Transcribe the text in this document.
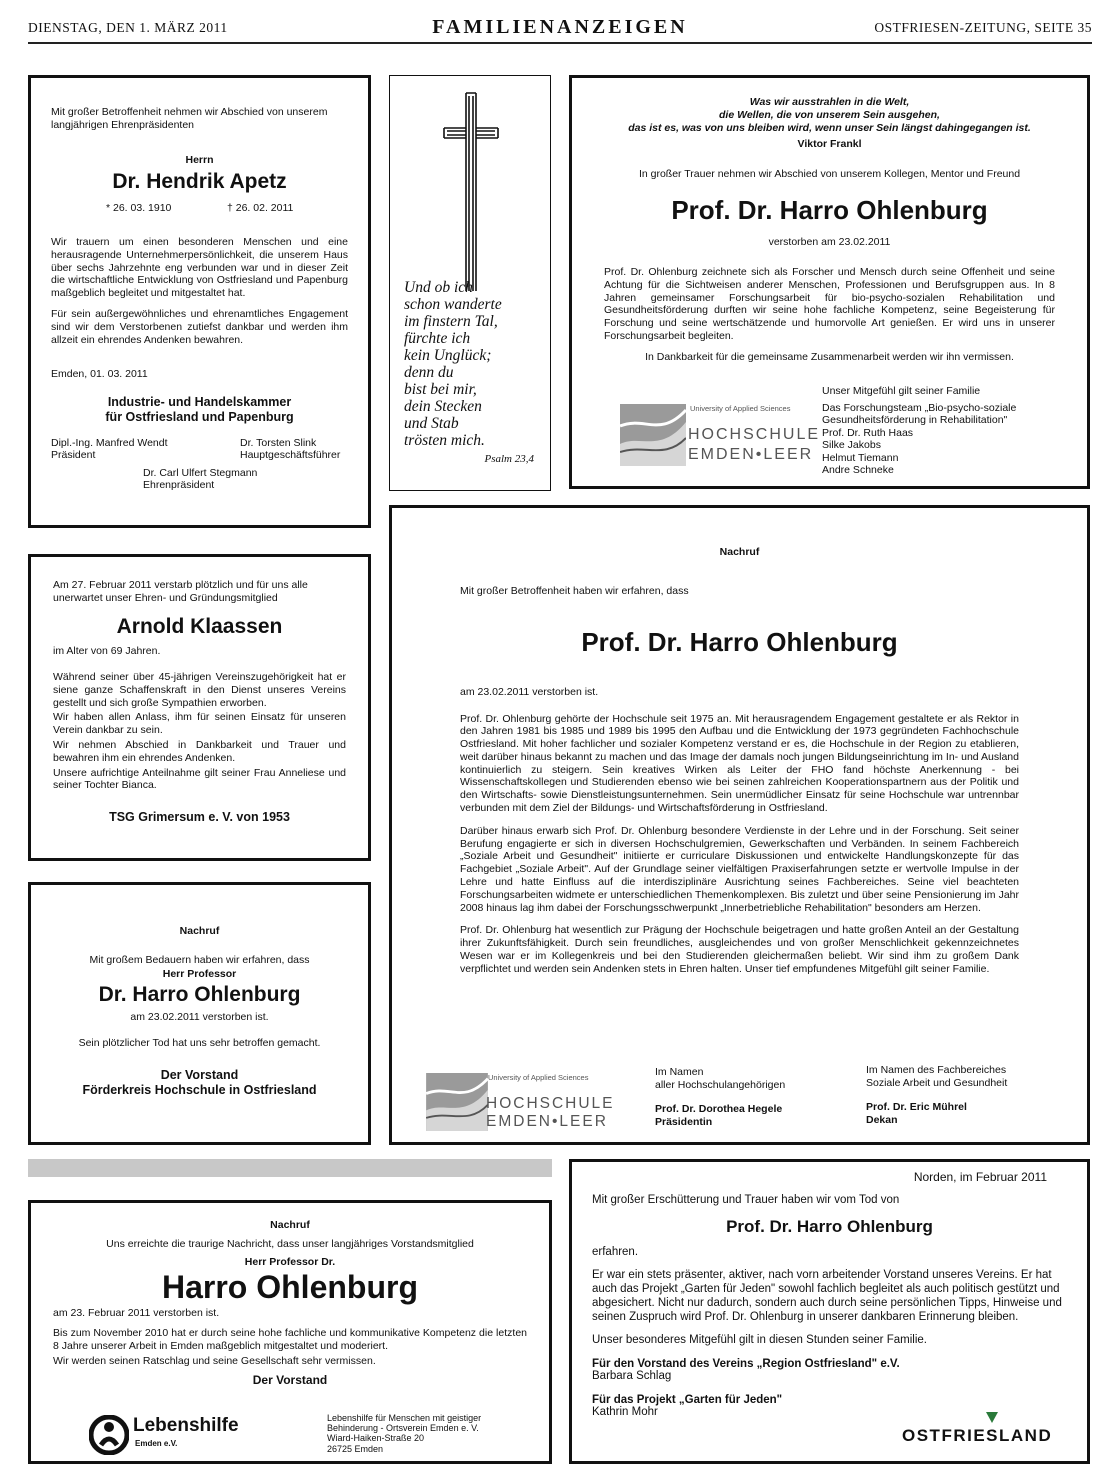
DIENSTAG, DEN 1. MÄRZ 2011	FAMILIENANZEIGEN	OSTFRIESEN-ZEITUNG, SEITE 35

Mit großer Betroffenheit nehmen wir Abschied von unserem langjährigen Ehrenpräsidenten

Herrn
Dr. Hendrik Apetz
* 26. 03. 1910	† 26. 02. 2011

Wir trauern um einen besonderen Menschen und eine herausragende Unternehmerpersönlichkeit, die unserem Haus über sechs Jahrzehnte eng verbunden war und in dieser Zeit die wirtschaftliche Entwicklung von Ostfriesland und Papenburg maßgeblich begleitet und mitgestaltet hat.

Für sein außergewöhnliches und ehrenamtliches Engagement sind wir dem Verstorbenen zutiefst dankbar und werden ihm allzeit ein ehrendes Andenken bewahren.

Emden, 01. 03. 2011
Industrie- und Handelskammer
für Ostfriesland und Papenburg
Dipl.-Ing. Manfred Wendt
Präsident
Dr. Torsten Slink
Hauptgeschäftsführer
Dr. Carl Ulfert Stegmann
Ehrenpräsident
Und ob ich
schon wanderte
im finstern Tal,
fürchte ich
kein Unglück;
denn du
bist bei mir,
dein Stecken
und Stab
trösten mich.
Psalm 23,4
Was wir ausstrahlen in die Welt,
die Wellen, die von unserem Sein ausgehen,
das ist es, was von uns bleiben wird, wenn unser Sein längst dahingegangen ist.
Viktor Frankl
In großer Trauer nehmen wir Abschied von unserem Kollegen, Mentor und Freund
Prof. Dr. Harro Ohlenburg
verstorben am 23.02.2011

Prof. Dr. Ohlenburg zeichnete sich als Forscher und Mensch durch seine Offenheit und seine Achtung für die Sichtweisen anderer Menschen, Professionen und Berufsgruppen aus. In 8 Jahren gemeinsamer Forschungsarbeit für bio-psycho-sozialen Rehabilitation und Gesundheitsförderung durften wir seine hohe fachliche Kompetenz, seine Begeisterung für Forschung und seine wertschätzende und humorvolle Art genießen. Er wird uns in unserer Forschungsarbeit begleiten.

In Dankbarkeit für die gemeinsame Zusammenarbeit werden wir ihn vermissen.
University of Applied Sciences
HOCHSCHULE
EMDEN•LEER
Unser Mitgefühl gilt seiner Familie
Das Forschungsteam „Bio-psycho-soziale
Gesundheitsförderung in Rehabilitation"
Prof. Dr. Ruth Haas
Silke Jakobs
Helmut Tiemann
Andre Schneke

Am 27. Februar 2011 verstarb plötzlich und für uns alle unerwartet unser Ehren- und Gründungsmitglied

Arnold Klaassen
im Alter von 69 Jahren.

Während seiner über 45-jährigen Vereinszugehörigkeit hat er siene ganze Schaffenskraft in den Dienst unseres Vereins gestellt und sich große Sympathien erworben.

Wir haben allen Anlass, ihm für seinen Einsatz für unseren Verein dankbar zu sein.

Wir nehmen Abschied in Dankbarkeit und Trauer und bewahren ihm ein ehrendes Andenken.

Unsere aufrichtige Anteilnahme gilt seiner Frau Anneliese und seiner Tochter Bianca.

TSG Grimersum e. V. von 1953
Nachruf
Mit großem Bedauern haben wir erfahren, dass
Herr Professor
Dr. Harro Ohlenburg
am 23.02.2011 verstorben ist.
Sein plötzlicher Tod hat uns sehr betroffen gemacht.
Der Vorstand
Förderkreis Hochschule in Ostfriesland
Nachruf
Mit großer Betroffenheit haben wir erfahren, dass
Prof. Dr. Harro Ohlenburg
am 23.02.2011 verstorben ist.

Prof. Dr. Ohlenburg gehörte der Hochschule seit 1975 an. Mit herausragendem Engagement gestaltete er als Rektor in den Jahren 1981 bis 1985 und 1989 bis 1995 den Aufbau und die Entwicklung der 1973 gegründeten Fachhochschule Ostfriesland. Mit hoher fachlicher und sozialer Kompetenz verstand er es, die Hochschule in der Region zu etablieren, weit darüber hinaus bekannt zu machen und das Image der damals noch jungen Bildungseinrichtung im In- und Ausland kontinuierlich zu steigern. Sein kreatives Wirken als Leiter der FHO fand höchste Anerkennung - bei Wissenschaftskollegen und Studierenden ebenso wie bei seinen zahlreichen Kooperationspartnern aus der Politik und den Wirtschafts- sowie Dienstleistungsunternehmen. Sein unermüdlicher Einsatz für seine Hochschule war untrennbar verbunden mit dem Ziel der Bildungs- und Wirtschaftsförderung in Ostfriesland.

Darüber hinaus erwarb sich Prof. Dr. Ohlenburg besondere Verdienste in der Lehre und in der Forschung. Seit seiner Berufung engagierte er sich in diversen Hochschulgremien, Gewerkschaften und Verbänden. In seinem Fachbereich „Soziale Arbeit und Gesundheit" initiierte er curriculare Diskussionen und entwickelte Handlungskonzepte für das Fachgebiet „Soziale Arbeit". Auf der Grundlage seiner vielfältigen Praxiserfahrungen setzte er wertvolle Impulse in der Lehre und hatte Einfluss auf die interdisziplinäre Ausrichtung seines Fachbereiches. Seine viel beachteten Forschungsarbeiten widmete er unterschiedlichen Themenkomplexen. Bis zuletzt und über seine Pensionierung im Jahr 2008 hinaus lag ihm dabei der Forschungsschwerpunkt „Innerbetriebliche Rehabilitation" besonders am Herzen.

Prof. Dr. Ohlenburg hat wesentlich zur Prägung der Hochschule beigetragen und hatte großen Anteil an der Gestaltung ihrer Zukunftsfähigkeit. Durch sein freundliches, ausgleichendes und von großer Menschlichkeit gekennzeichnetes Wesen war er im Kollegenkreis und bei den Studierenden gleichermaßen beliebt. Wir sind ihm zu großem Dank verpflichtet und werden sein Andenken stets in Ehren halten. Unser tief empfundenes Mitgefühl gilt seiner Familie.

University of Applied Sciences
HOCHSCHULE
EMDEN•LEER
Im Namen
aller Hochschulangehörigen
Prof. Dr. Dorothea Hegele
Präsidentin
Im Namen des Fachbereiches
Soziale Arbeit und Gesundheit
Prof. Dr. Eric Mührel
Dekan
Nachruf
Uns erreichte die traurige Nachricht, dass unser langjähriges Vorstandsmitglied
Herr Professor Dr.
Harro Ohlenburg
am 23. Februar 2011 verstorben ist.

Bis zum November 2010 hat er durch seine hohe fachliche und kommunikative Kompetenz die letzten 8 Jahre unserer Arbeit in Emden maßgeblich mitgestaltet und moderiert.

Wir werden seinen Ratschlag und seine Gesellschaft sehr vermissen.
Der Vorstand
Lebenshilfe
Emden e.V.
Lebenshilfe für Menschen mit geistiger
Behinderung - Ortsverein Emden e. V.
Wiard-Haiken-Straße 20
26725 Emden
Norden, im Februar 2011
Mit großer Erschütterung und Trauer haben wir vom Tod von
Prof. Dr. Harro Ohlenburg
erfahren.

Er war ein stets präsenter, aktiver, nach vorn arbeitender Vorstand unseres Vereins. Er hat auch das Projekt „Garten für Jeden" sowohl fachlich begleitet als auch politisch gestützt und abgesichert. Nicht nur dadurch, sondern auch durch seine persönlichen Tipps, Hinweise und seinen Zuspruch wird Prof. Dr. Ohlenburg in unserer dankbaren Erinnerung bleiben.

Unser besonderes Mitgefühl gilt in diesen Stunden seiner Familie.
Für den Vorstand des Vereins „Region Ostfriesland" e.V.
Barbara Schlag
Für das Projekt „Garten für Jeden"
Kathrin Mohr
OSTFRIESLAND
